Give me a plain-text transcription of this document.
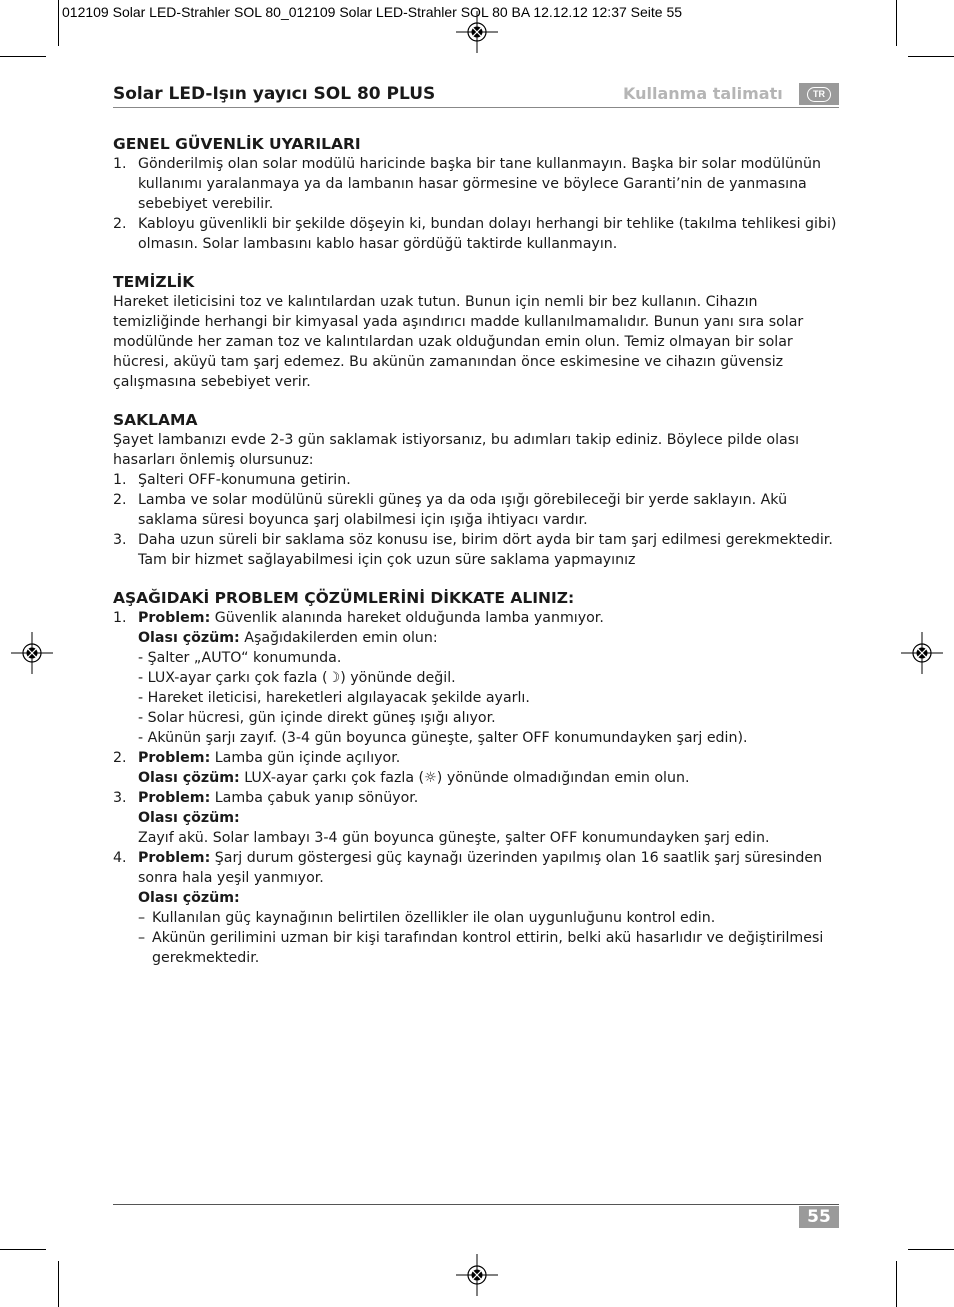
012109 Solar LED-Strahler SOL 80_012109 Solar LED-Strahler SOL 80 BA 12.12.12 12:37 Seite 55
Solar LED-Işın yayıcı SOL 80 PLUS	Kullanma talimatı	TR
GENEL GÜVENLİK UYARILARI
1. Gönderilmiş olan solar modülü haricinde başka bir tane kullanmayın. Başka bir solar modülünün kullanımı yaralanmaya ya da lambanın hasar görmesine ve böylece Garanti’nin de yanmasına sebebiyet verebilir.
2. Kabloyu güvenlikli bir şekilde döşeyin ki, bundan dolayı herhangi bir tehlike (takılma tehlikesi gibi) olmasın. Solar lambasını kablo hasar gördüğü taktirde kullanmayın.
TEMİZLİK

Hareket ileticisini toz ve kalıntılardan uzak tutun. Bunun için nemli bir bez kullanın. Cihazın temizliğinde herhangi bir kimyasal yada aşındırıcı madde kullanılmamalıdır. Bunun yanı sıra solar modülünde her zaman toz ve kalıntılardan uzak olduğundan emin olun. Temiz olmayan bir solar hücresi, aküyü tam şarj edemez. Bu akünün zamanından önce eskimesine ve cihazın güvensiz çalışmasına sebebiyet verir.

SAKLAMA

Şayet lambanızı evde 2-3 gün saklamak istiyorsanız, bu adımları takip ediniz. Böylece pilde olası hasarları önlemiş olursunuz:

1. Şalteri OFF-konumuna getirin.
2. Lamba ve solar modülünü sürekli güneş ya da oda ışığı görebileceği bir yerde saklayın. Akü saklama süresi boyunca şarj olabilmesi için ışığa ihtiyacı vardır.
3. Daha uzun süreli bir saklama söz konusu ise, birim dört ayda bir tam şarj edilmesi gerekmektedir. Tam bir hizmet sağlayabilmesi için çok uzun süre saklama yapmayınız
AŞAĞIDAKİ PROBLEM ÇÖZÜMLERİNİ DİKKATE ALINIZ:
1. Problem: Güvenlik alanında hareket olduğunda lamba yanmıyor.
Olası çözüm: Aşağıdakilerden emin olun:
- Şalter „AUTO“ konumunda.
- LUX-ayar çarkı çok fazla (☽) yönünde değil.
- Hareket ileticisi, hareketleri algılayacak şekilde ayarlı.
- Solar hücresi, gün içinde direkt güneş ışığı alıyor.
- Akünün şarjı zayıf. (3-4 gün boyunca güneşte, şalter OFF konumundayken şarj edin).
2. Problem: Lamba gün içinde açılıyor.
Olası çözüm: LUX-ayar çarkı çok fazla (☼) yönünde olmadığından emin olun.
3. Problem: Lamba çabuk yanıp sönüyor.
Olası çözüm:
Zayıf akü. Solar lambayı 3-4 gün boyunca güneşte, şalter OFF konumundayken şarj edin.
4. Problem: Şarj durum göstergesi güç kaynağı üzerinden yapılmış olan 16 saatlik şarj süresinden sonra hala yeşil yanmıyor.
Olası çözüm:
– Kullanılan güç kaynağının belirtilen özellikler ile olan uygunluğunu kontrol edin.
– Akünün gerilimini uzman bir kişi tarafından kontrol ettirin, belki akü hasarlıdır ve değiştirilmesi gerekmektedir.
55
